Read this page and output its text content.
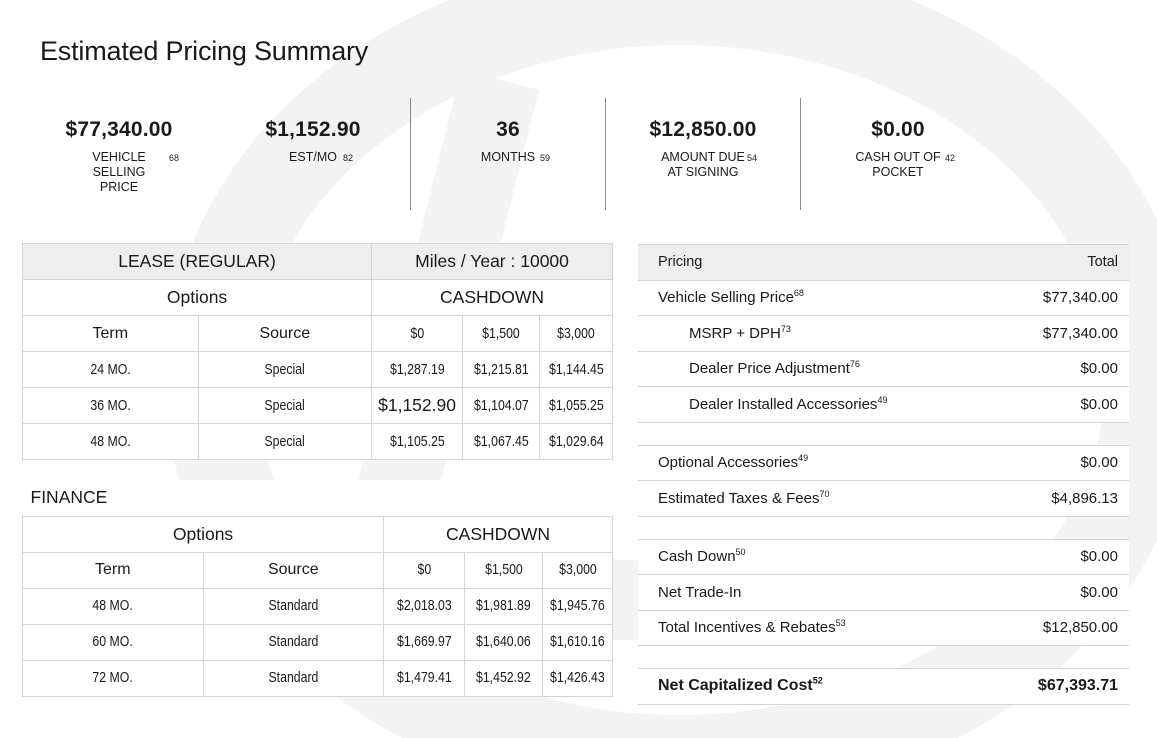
Estimated Pricing Summary
$77,340.00
VEHICLE SELLING PRICE
68
$1,152.90
EST/MO 82
36
MONTHS 59
$12,850.00
AMOUNT DUE AT SIGNING
54
$0.00
CASH OUT OF POCKET
42
LEASE (REGULAR)		Miles / Year : 10000		
Options		CASHDOWN		
Term	Source	$0	$1,500	$3,000
24 MO.	Special	$1,287.19	$1,215.81	$1,144.45
36 MO.	Special	$1,152.90	$1,104.07	$1,055.25
48 MO.	Special	$1,105.25	$1,067.45	$1,029.64
FINANCE				
Options		CASHDOWN		
Term	Source	$0	$1,500	$3,000
48 MO.	Standard	$2,018.03	$1,981.89	$1,945.76
60 MO.	Standard	$1,669.97	$1,640.06	$1,610.16
72 MO.	Standard	$1,479.41	$1,452.92	$1,426.43
Pricing	Total
Vehicle Selling Price$^{68}$	$77,340.00
MSRP + $DPH^{73}$	$77,340.00
Dealer Price Adjustment$^{76}$	$0.00
Dealer Installed Accessories$^{49}$	$0.00
Optional Accessories$^{49}$	$0.00
Estimated Taxes & Fees$^{70}$	$4,896.13
Cash Down$^{50}$	$0.00
Net Trade-In	$0.00
Total Incentives & Rebates$^{53}$	$12,850.00
Net Capitalized Cost$^{52}$	$67,393.71
